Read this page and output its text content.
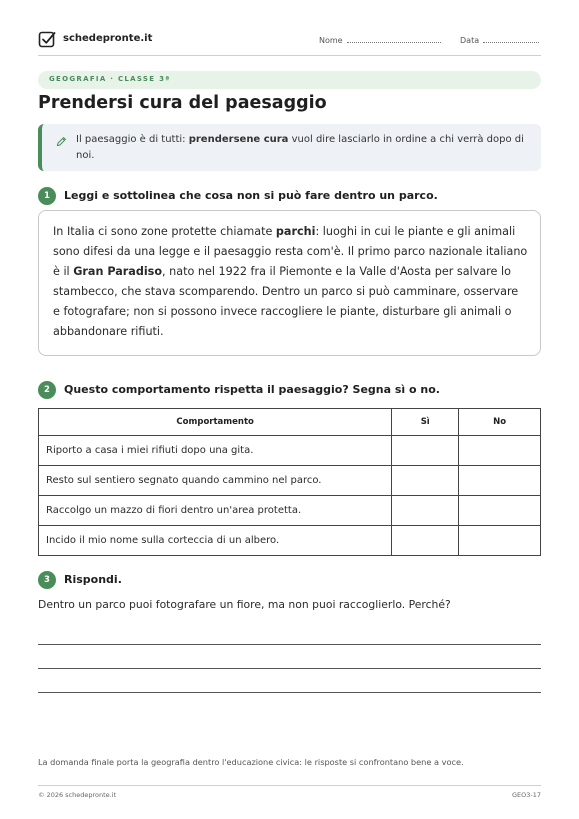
schedepronte.it	Nome	Data
GEOGRAFIA · CLASSE 3ª
Prendersi cura del paesaggio

Il paesaggio è di tutti: prendersene cura vuol dire lasciarlo in ordine a chi verrà dopo di noi.

1	Leggi e sottolinea che cosa non si può fare dentro un parco.

In Italia ci sono zone protette chiamate parchi: luoghi in cui le piante e gli animali sono difesi da una legge e il paesaggio resta com'è. Il primo parco nazionale italiano è il Gran Paradiso, nato nel 1922 fra il Piemonte e la Valle d'Aosta per salvare lo stambecco, che stava scomparendo. Dentro un parco si può camminare, osservare e fotografare; non si possono invece raccogliere le piante, disturbare gli animali o abbandonare rifiuti.

2	Questo comportamento rispetta il paesaggio? Segna sì o no.
Comportamento	Sì	No
Riporto a casa i miei rifiuti dopo una gita.		
Resto sul sentiero segnato quando cammino nel parco.		
Raccolgo un mazzo di fiori dentro un'area protetta.		
Incido il mio nome sulla corteccia di un albero.		
3	Rispondi.
Dentro un parco puoi fotografare un fiore, ma non puoi raccoglierlo. Perché?
La domanda finale porta la geografia dentro l'educazione civica: le risposte si confrontano bene a voce.
© 2026 schedepronte.it	GEO3-17
